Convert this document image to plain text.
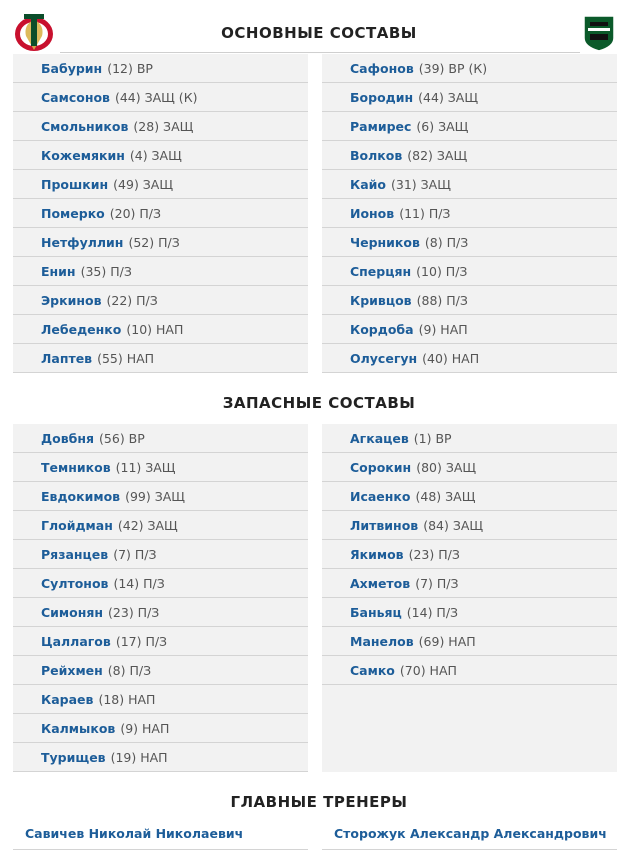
ОСНОВНЫЕ СОСТАВЫ
Бабурин (12) ВР
Самсонов (44) ЗАЩ (К)
Смольников (28) ЗАЩ
Кожемякин (4) ЗАЩ
Прошкин (49) ЗАЩ
Померко (20) П/З
Нетфуллин (52) П/З
Енин (35) П/З
Эркинов (22) П/З
Лебеденко (10) НАП
Лаптев (55) НАП
Сафонов (39) ВР (К)
Бородин (44) ЗАЩ
Рамирес (6) ЗАЩ
Волков (82) ЗАЩ
Кайо (31) ЗАЩ
Ионов (11) П/З
Черников (8) П/З
Сперцян (10) П/З
Кривцов (88) П/З
Кордоба (9) НАП
Олусегун (40) НАП
ЗАПАСНЫЕ СОСТАВЫ
Довбня (56) ВР
Темников (11) ЗАЩ
Евдокимов (99) ЗАЩ
Глойдман (42) ЗАЩ
Рязанцев (7) П/З
Султонов (14) П/З
Симонян (23) П/З
Цаллагов (17) П/З
Рейхмен (8) П/З
Караев (18) НАП
Калмыков (9) НАП
Турищев (19) НАП
Агкацев (1) ВР
Сорокин (80) ЗАЩ
Исаенко (48) ЗАЩ
Литвинов (84) ЗАЩ
Якимов (23) П/З
Ахметов (7) П/З
Баньяц (14) П/З
Манелов (69) НАП
Самко (70) НАП
ГЛАВНЫЕ ТРЕНЕРЫ
Савичев Николай Николаевич	Сторожук Александр Александрович
